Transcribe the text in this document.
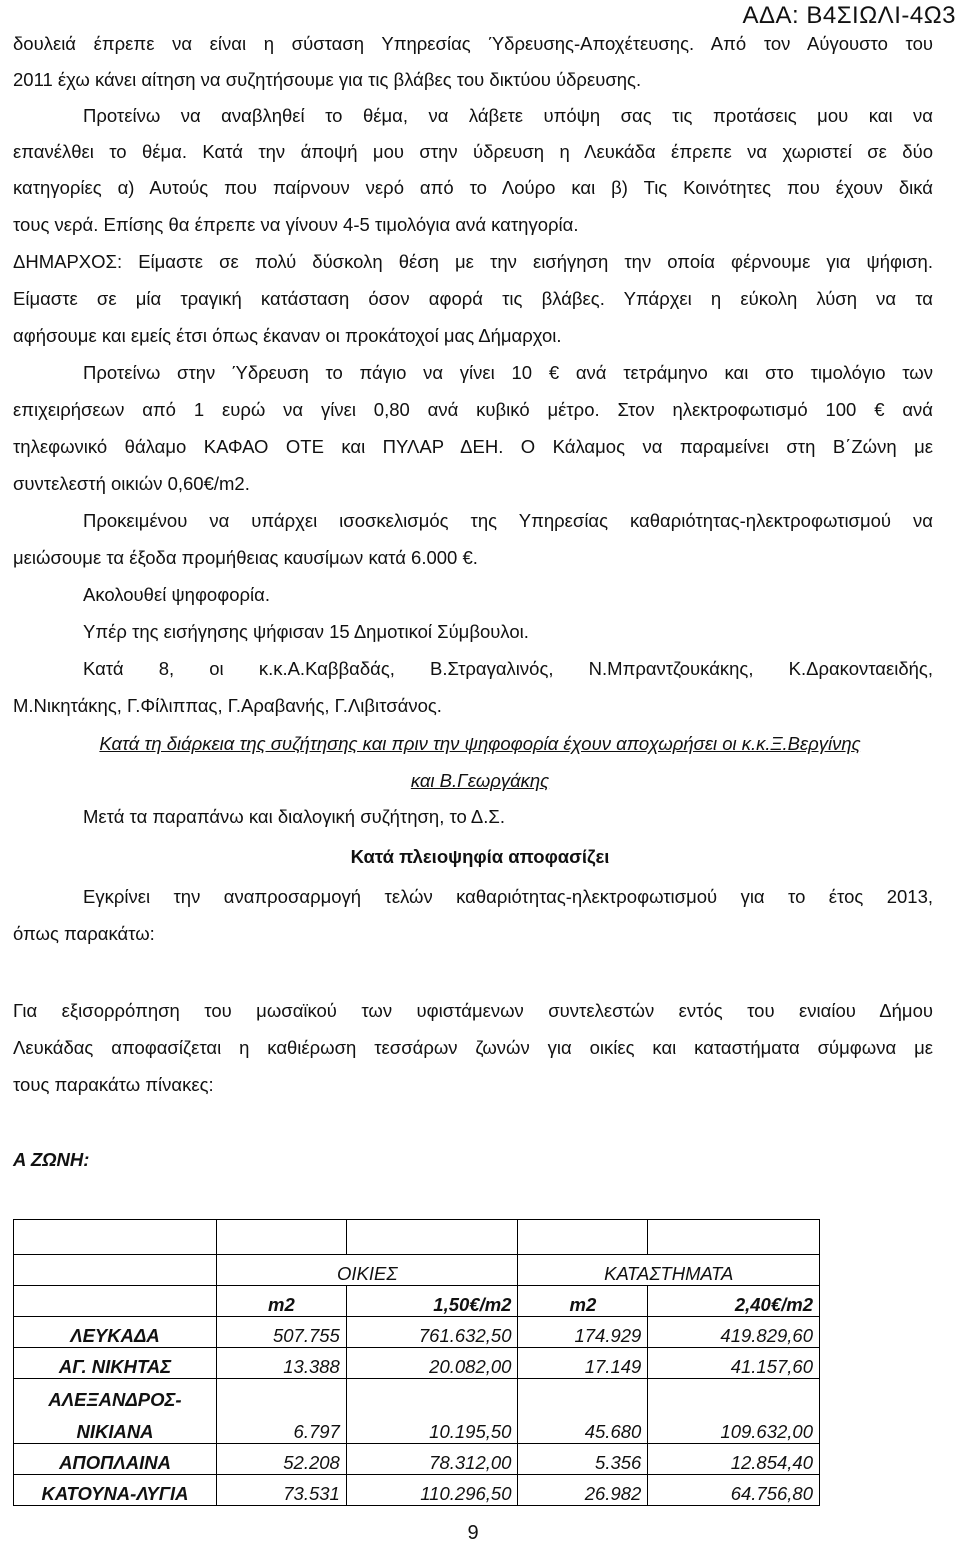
ΑΔΑ: Β4ΣΙΩΛΙ-4Ω3
δουλειά έπρεπε να είναι η σύσταση Υπηρεσίας Ύδρευσης-Αποχέτευσης. Από τον Αύγουστο του
2011 έχω κάνει αίτηση να συζητήσουμε για τις βλάβες του δικτύου ύδρευσης.
Προτείνω να αναβληθεί το θέμα, να λάβετε υπόψη σας τις προτάσεις μου και να
επανέλθει το θέμα. Κατά την άποψή μου στην ύδρευση η Λευκάδα έπρεπε να χωριστεί σε δύο
κατηγορίες α) Αυτούς που παίρνουν νερό από το Λούρο και β) Τις Κοινότητες που έχουν δικά
τους νερά. Επίσης θα έπρεπε να γίνουν 4-5 τιμολόγια ανά κατηγορία.
ΔΗΜΑΡΧΟΣ: Είμαστε σε πολύ δύσκολη θέση με την εισήγηση την οποία φέρνουμε για ψήφιση.
Είμαστε σε μία τραγική κατάσταση όσον αφορά τις βλάβες. Υπάρχει η εύκολη λύση να τα
αφήσουμε και εμείς έτσι όπως έκαναν οι προκάτοχοί μας Δήμαρχοι.
Προτείνω στην Ύδρευση το πάγιο να γίνει 10 € ανά τετράμηνο και στο τιμολόγιο των
επιχειρήσεων από 1 ευρώ να γίνει 0,80 ανά κυβικό μέτρο. Στον ηλεκτροφωτισμό 100 € ανά
τηλεφωνικό θάλαμο ΚΑΦΑΟ ΟΤΕ και ΠΥΛΑΡ ΔΕΗ. Ο Κάλαμος να παραμείνει στη Β΄Ζώνη με
συντελεστή οικιών 0,60€/m2.
Προκειμένου να υπάρχει ισοσκελισμός της Υπηρεσίας καθαριότητας-ηλεκτροφωτισμού να
μειώσουμε τα έξοδα προμήθειας καυσίμων κατά 6.000 €.
Ακολουθεί ψηφοφορία.
Υπέρ της εισήγησης ψήφισαν 15 Δημοτικοί Σύμβουλοι.
Κατά 8, οι κ.κ.Α.Καββαδάς, Β.Στραγαλινός, Ν.Μπραντζουκάκης, Κ.Δρακονταειδής,
Μ.Νικητάκης, Γ.Φίλιππας, Γ.Αραβανής, Γ.Λιβιτσάνος.
Κατά τη διάρκεια της συζήτησης και πριν την ψηφοφορία έχουν αποχωρήσει οι κ.κ.Ξ.Βεργίνης
και Β.Γεωργάκης
Μετά τα παραπάνω και διαλογική συζήτηση, το Δ.Σ.
Κατά πλειοψηφία αποφασίζει
Εγκρίνει την αναπροσαρμογή τελών καθαριότητας-ηλεκτροφωτισμού για το έτος 2013,
όπως παρακάτω:
Για εξισορρόπηση του μωσαϊκού των υφιστάμενων συντελεστών εντός του ενιαίου Δήμου
Λευκάδας αποφασίζεται η καθιέρωση τεσσάρων ζωνών για οικίες και καταστήματα σύμφωνα με
τους παρακάτω πίνακες:
Α ΖΩΝΗ:

	ΟΙΚΙΕΣ		ΚΑΤΑΣΤΗΜΑΤΑ	
	m2	1,50€/m2	m2	2,40€/m2
ΛΕΥΚΑΔΑ	507.755	761.632,50	174.929	419.829,60
ΑΓ. ΝΙΚΗΤΑΣ	13.388	20.082,00	17.149	41.157,60

ΑΛΕΞΑΝΔΡΟΣ-
ΝΙΚΙΑΝΑ	6.797	10.195,50	45.680	109.632,00
ΑΠΟΠΛΑΙΝΑ	52.208	78.312,00	5.356	12.854,40
ΚΑΤΟΥΝΑ-ΛΥΓΙΑ	73.531	110.296,50	26.982	64.756,80
9
